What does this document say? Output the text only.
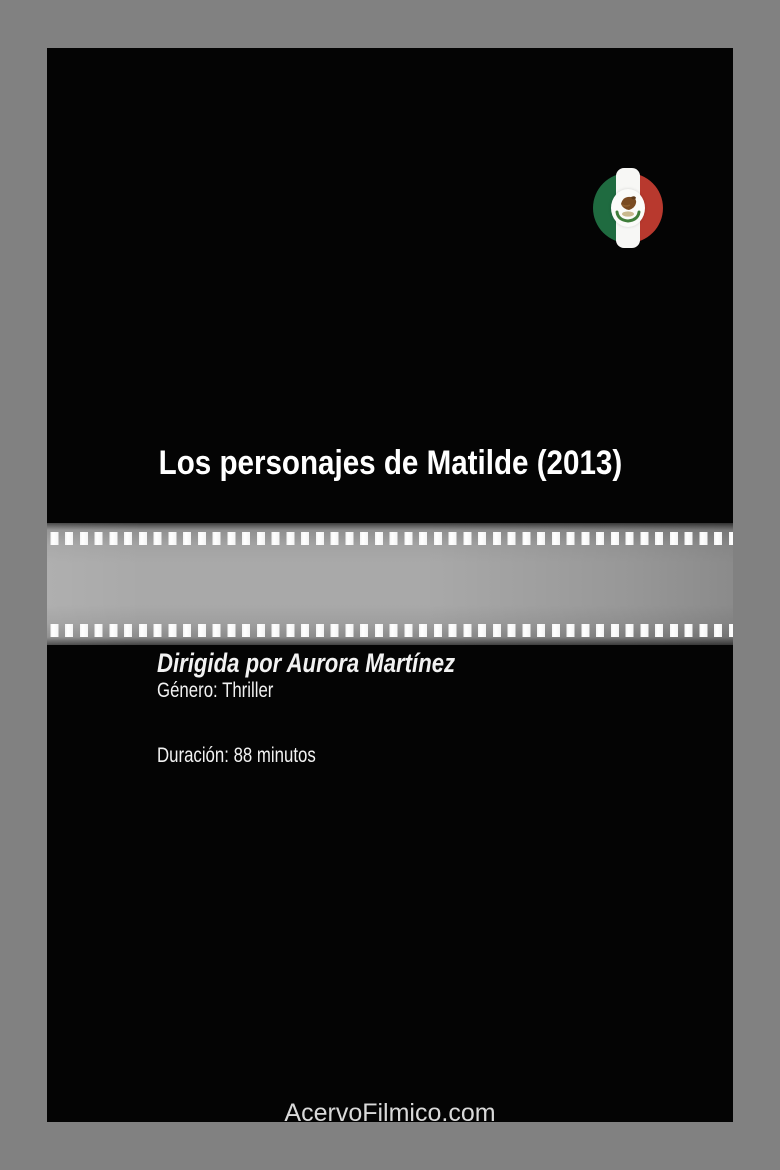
Los personajes de Matilde (2013)
Dirigida por Aurora Martínez
Género: Thriller
Duración: 88 minutos
AcervoFilmico.com
